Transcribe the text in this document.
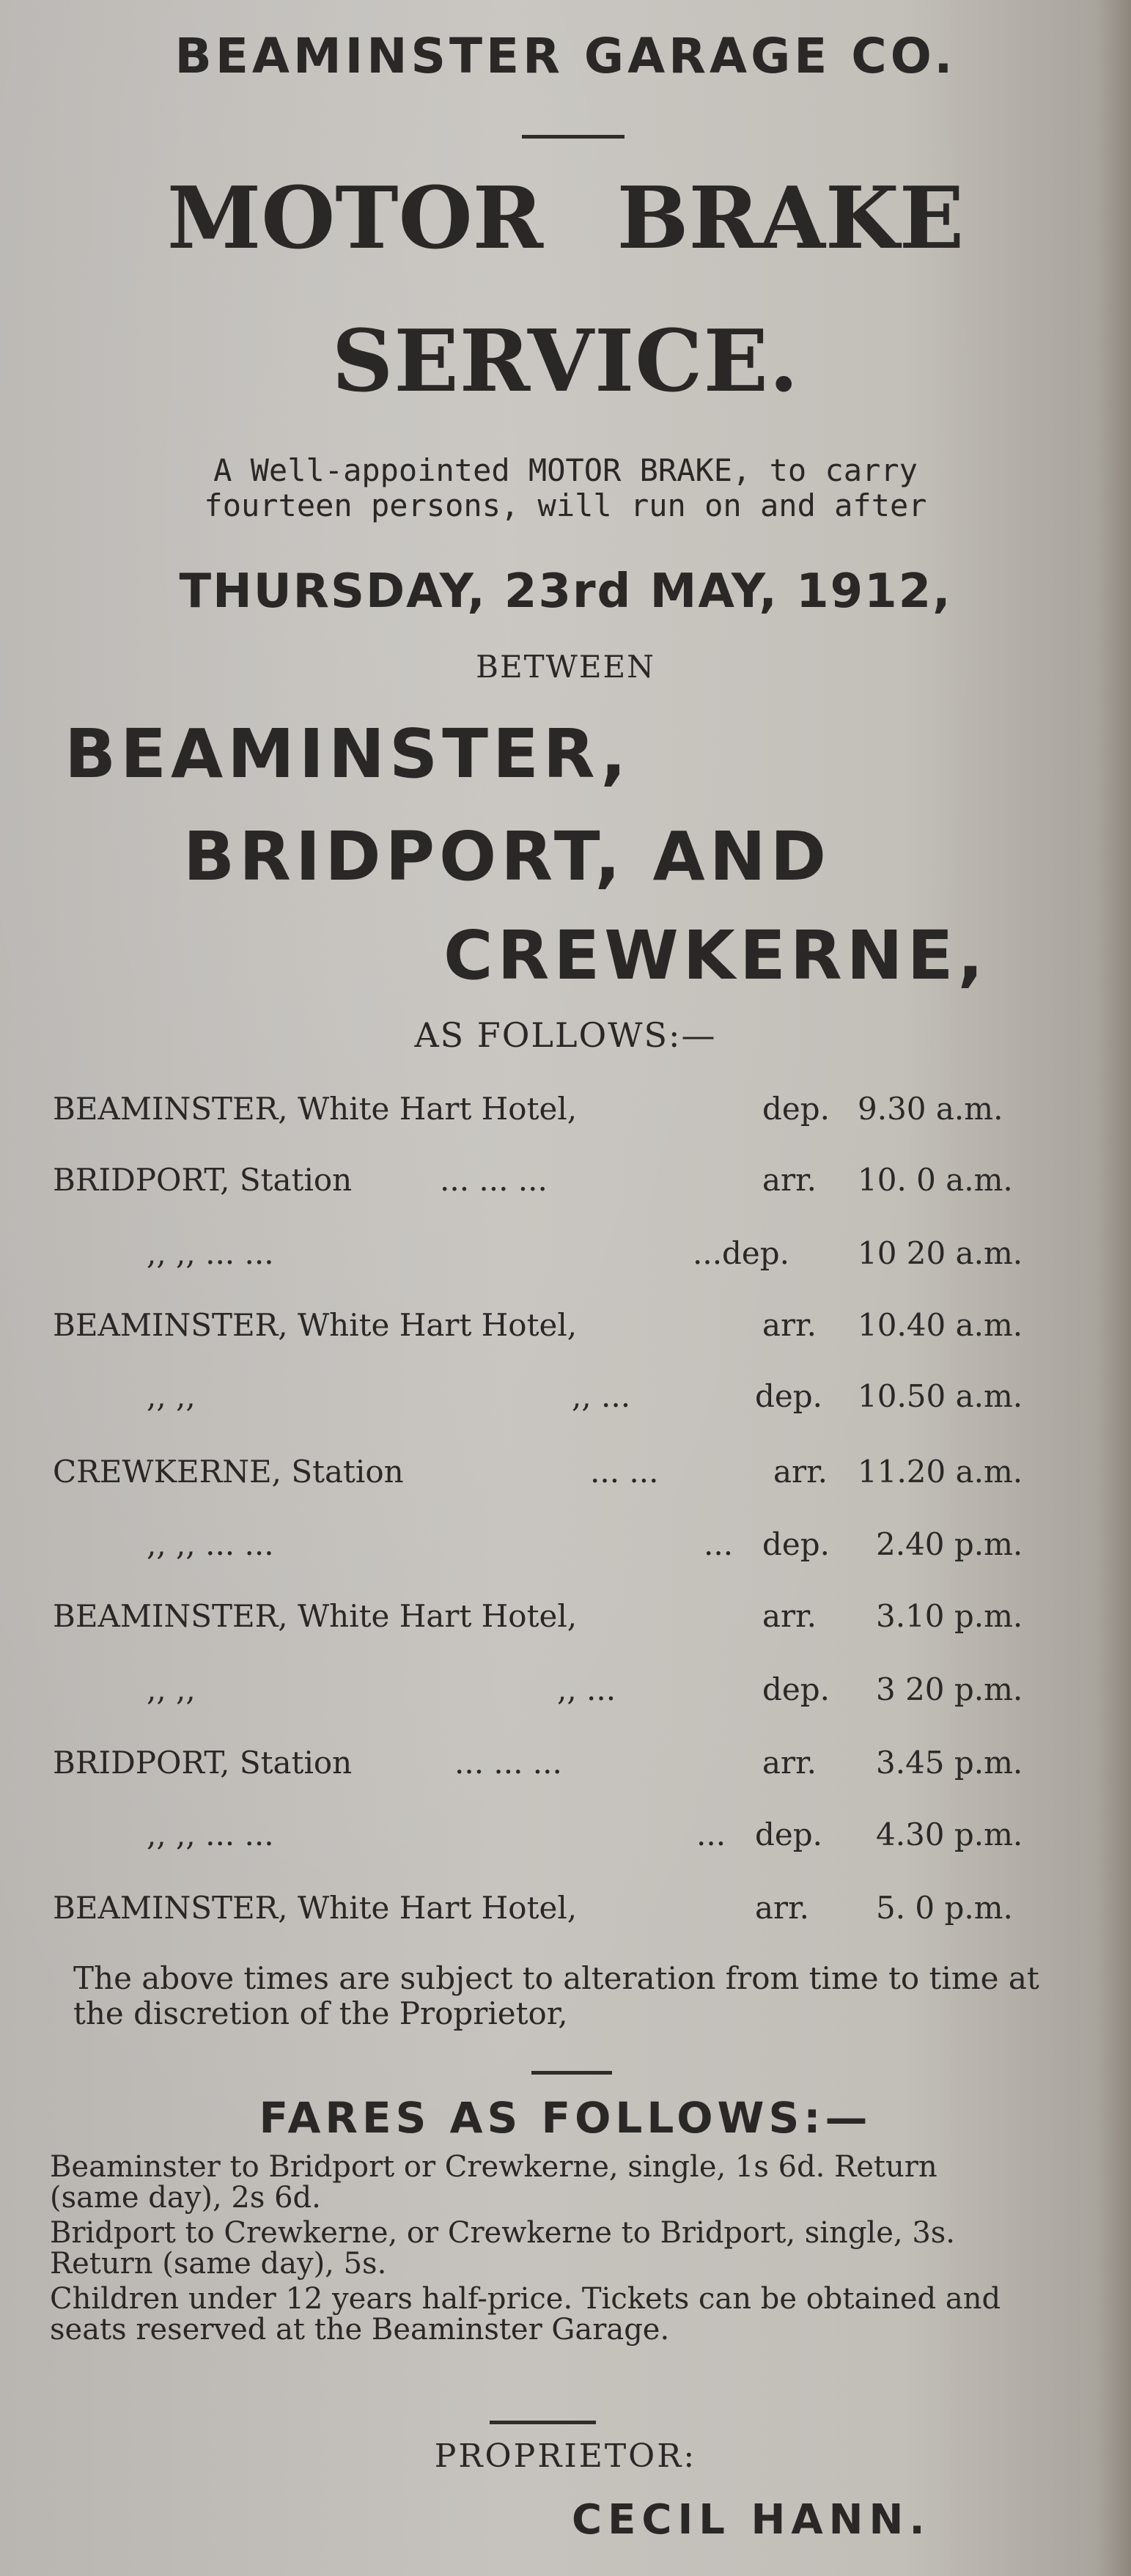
BEAMINSTER GARAGE CO.
MOTOR BRAKE
SERVICE.
A Well-appointed MOTOR BRAKE, to carry
fourteen persons, will run on and after
THURSDAY, 23rd MAY, 1912,
BETWEEN
BEAMINSTER,
BRIDPORT, AND
CREWKERNE,
AS FOLLOWS:—
BEAMINSTER, White Hart Hotel,	dep. 9.30 a.m.
BRIDPORT, Station	... ... ...	arr. 10. 0 a.m.
,, ,, ... ...	... dep. 10 20 a.m.
BEAMINSTER, White Hart Hotel,	arr. 10.40 a.m.
,, ,,	,, ...	dep. 10.50 a.m.
CREWKERNE, Station	... ...	arr. 11.20 a.m.
,, ,, ... ...	... dep. 2.40 p.m.
BEAMINSTER, White Hart Hotel,	arr. 3.10 p.m.
,, ,,	,, ...	dep. 3 20 p.m.
BRIDPORT, Station	... ... ...	arr. 3.45 p.m.
,, ,, ... ...	... dep. 4.30 p.m.
BEAMINSTER, White Hart Hotel,	arr. 5. 0 p.m.
The above times are subject to alteration from time to time at the discretion of the Proprietor,
FARES AS FOLLOWS:—
Beaminster to Bridport or Crewkerne, single, 1s 6d. Return (same day), 2s 6d.
Bridport to Crewkerne, or Crewkerne to Bridport, single, 3s. Return (same day), 5s.
Children under 12 years half-price. Tickets can be obtained and seats reserved at the Beaminster Garage.
PROPRIETOR:
CECIL HANN.
